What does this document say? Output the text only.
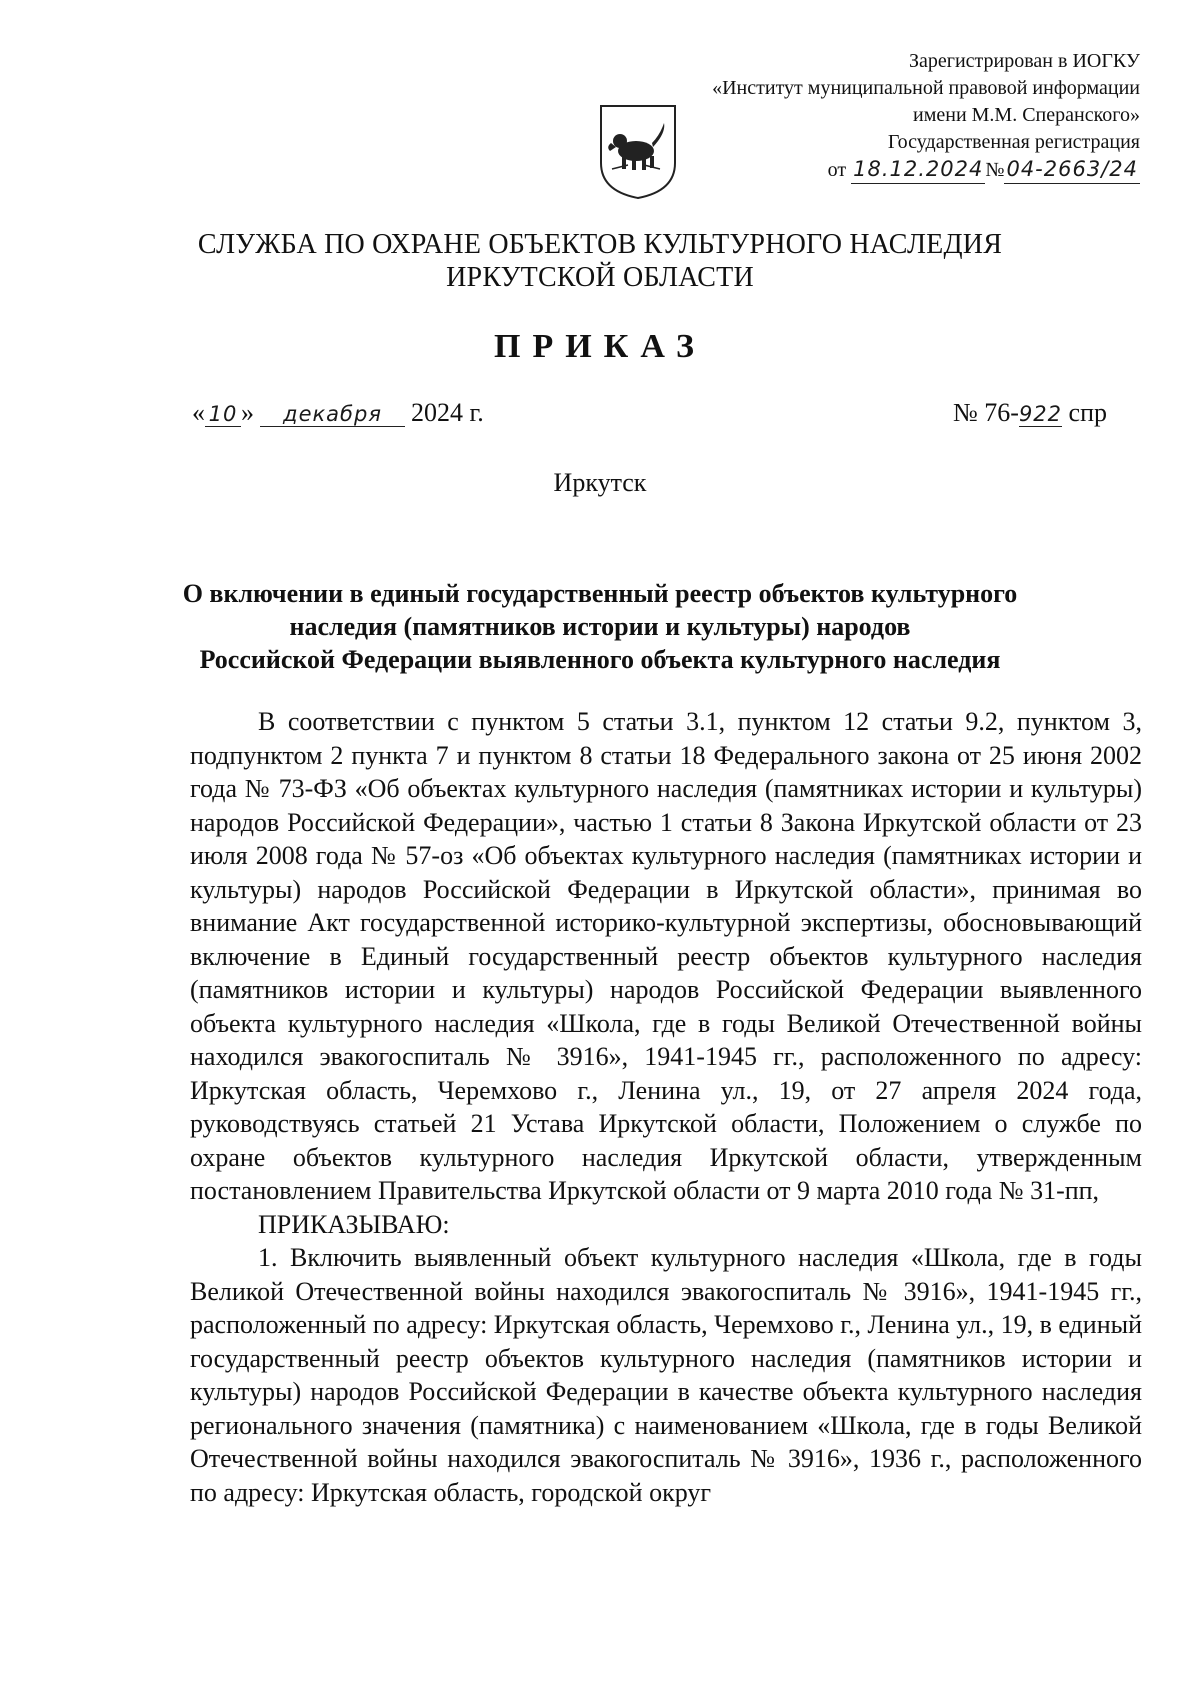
Зарегистрирован в ИОГКУ
«Институт муниципальной правовой информации
имени М.М. Сперанского»
Государственная регистрация
от 18.12.2024 №04-2663/24
СЛУЖБА ПО ОХРАНЕ ОБЪЕКТОВ КУЛЬТУРНОГО НАСЛЕДИЯ
ИРКУТСКОЙ ОБЛАСТИ
ПРИКАЗ
« 10 » декабря 2024 г.	№ 76-922 спр
Иркутск
О включении в единый государственный реестр объектов культурного
наследия (памятников истории и культуры) народов
Российской Федерации выявленного объекта культурного наследия

В соответствии с пунктом 5 статьи 3.1, пунктом 12 статьи 9.2, пунктом 3, подпунктом 2 пункта 7 и пунктом 8 статьи 18 Федерального закона от 25 июня 2002 года № 73-ФЗ «Об объектах культурного наследия (памятниках истории и культуры) народов Российской Федерации», частью 1 статьи 8 Закона Иркутской области от 23 июля 2008 года № 57-оз «Об объектах культурного наследия (памятниках истории и культуры) народов Российской Федерации в Иркутской области», принимая во внимание Акт государственной историко-культурной экспертизы, обосновывающий включение в Единый государственный реестр объектов культурного наследия (памятников истории и культуры) народов Российской Федерации выявленного объекта культурного наследия «Школа, где в годы Великой Отечественной войны находился эвакогоспиталь № 3916», 1941-1945 гг., расположенного по адресу: Иркутская область, Черемхово г., Ленина ул., 19, от 27 апреля 2024 года, руководствуясь статьей 21 Устава Иркутской области, Положением о службе по охране объектов культурного наследия Иркутской области, утвержденным постановлением Правительства Иркутской области от 9 марта 2010 года № 31-пп,

ПРИКАЗЫВАЮ:

1. Включить выявленный объект культурного наследия «Школа, где в годы Великой Отечественной войны находился эвакогоспиталь № 3916», 1941-1945 гг., расположенный по адресу: Иркутская область, Черемхово г., Ленина ул., 19, в единый государственный реестр объектов культурного наследия (памятников истории и культуры) народов Российской Федерации в качестве объекта культурного наследия регионального значения (памятника) с наименованием «Школа, где в годы Великой Отечественной войны находился эвакогоспиталь № 3916», 1936 г., расположенного по адресу: Иркутская область, городской округ
